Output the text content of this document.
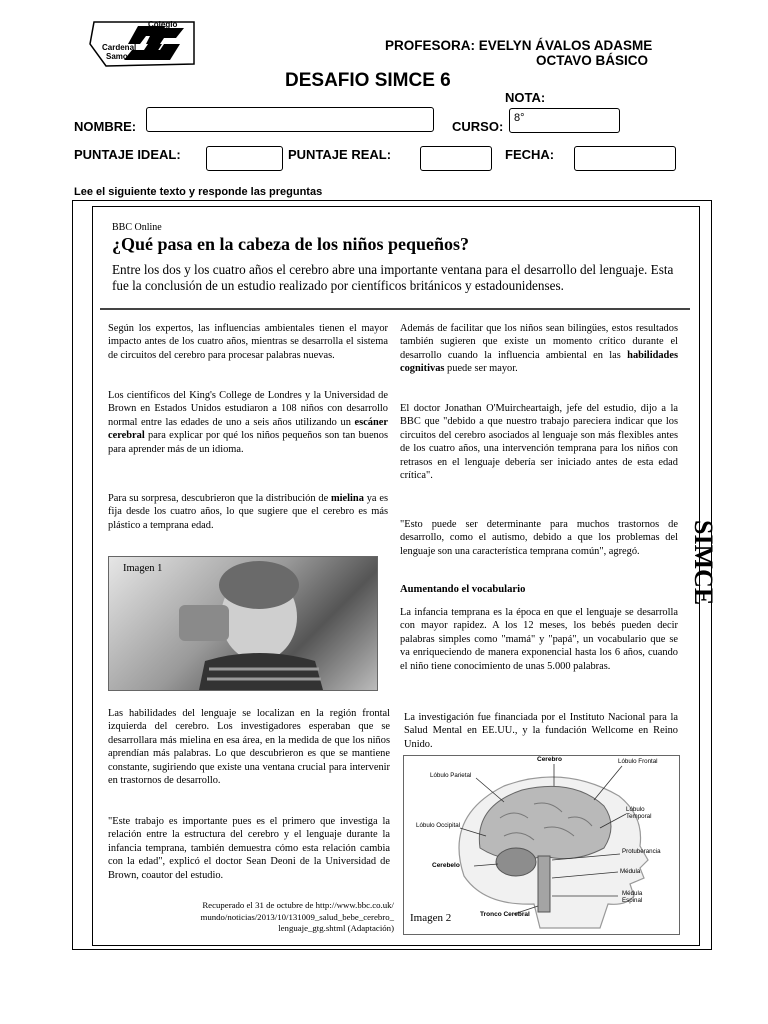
Colegio
Cardenal
Samore
PROFESORA: EVELYN ÁVALOS ADASME
OCTAVO BÁSICO
DESAFIO SIMCE 6
NOTA:
NOMBRE:	CURSO:
8°
PUNTAJE IDEAL:	PUNTAJE REAL:	FECHA:
Lee el siguiente texto y responde las preguntas
BBC Online
¿Qué pasa en la cabeza de los niños pequeños?
Entre los dos y los cuatro años el cerebro abre una importante ventana para el desarrollo del lenguaje. Esta fue la conclusión de un estudio realizado por científicos británicos y estadounidenses.
Según los expertos, las influencias ambientales tienen el mayor impacto antes de los cuatro años, mientras se desarrolla el sistema de circuitos del cerebro para procesar palabras nuevas.
Los científicos del King's College de Londres y la Universidad de Brown en Estados Unidos estudiaron a 108 niños con desarrollo normal entre las edades de uno a seis años utilizando un escáner cerebral para explicar por qué los niños pequeños son tan buenos para aprender más de un idioma.
Para su sorpresa, descubrieron que la distribución de mielina ya es fija desde los cuatro años, lo que sugiere que el cerebro es más plástico a temprana edad.
Imagen 1
Las habilidades del lenguaje se localizan en la región frontal izquierda del cerebro. Los investigadores esperaban que se desarrollara más mielina en esa área, en la medida de que los niños aprendían más palabras. Lo que descubrieron es que se mantiene constante, sugiriendo que existe una ventana crucial para intervenir en trastornos de desarrollo.
"Este trabajo es importante pues es el primero que investiga la relación entre la estructura del cerebro y el lenguaje durante la infancia temprana, también demuestra cómo esta relación cambia con la edad", explicó el doctor Sean Deoni de la Universidad de Brown, coautor del estudio.
Recuperado el 31 de octubre de http://www.bbc.co.uk/ mundo/noticias/2013/10/131009_salud_bebe_cerebro_ lenguaje_gtg.shtml (Adaptación)
Además de facilitar que los niños sean bilingües, estos resultados también sugieren que existe un momento crítico durante el desarrollo cuando la influencia ambiental en las habilidades cognitivas puede ser mayor.
El doctor Jonathan O'Muircheartaigh, jefe del estudio, dijo a la BBC que "debido a que nuestro trabajo pareciera indicar que los circuitos del cerebro asociados al lenguaje son más flexibles antes de los cuatro años, una intervención temprana para los niños con retrasos en el lenguaje debería ser iniciado antes de esta edad crítica".
"Esto puede ser determinante para muchos trastornos de desarrollo, como el autismo, debido a que los problemas del lenguaje son una característica temprana común", agregó.
Aumentando el vocabulario
La infancia temprana es la época en que el lenguaje se desarrolla con mayor rapidez. A los 12 meses, los bebés pueden decir palabras simples como "mamá" y "papá", un vocabulario que se va enriqueciendo de manera exponencial hasta los 6 años, cuando el niño tiene conocimiento de unas 5.000 palabras.
La investigación fue financiada por el Instituto Nacional para la Salud Mental en EE.UU., y la fundación Wellcome en Reino Unido.
Cerebro	Lóbulo Frontal
Lóbulo Parietal
Lóbulo Temporal
Lóbulo Occipital
Protuberancia
Cerebelo
Médula
Médula Espinal
Tronco Cerebral
Imagen 2
SIMCE
